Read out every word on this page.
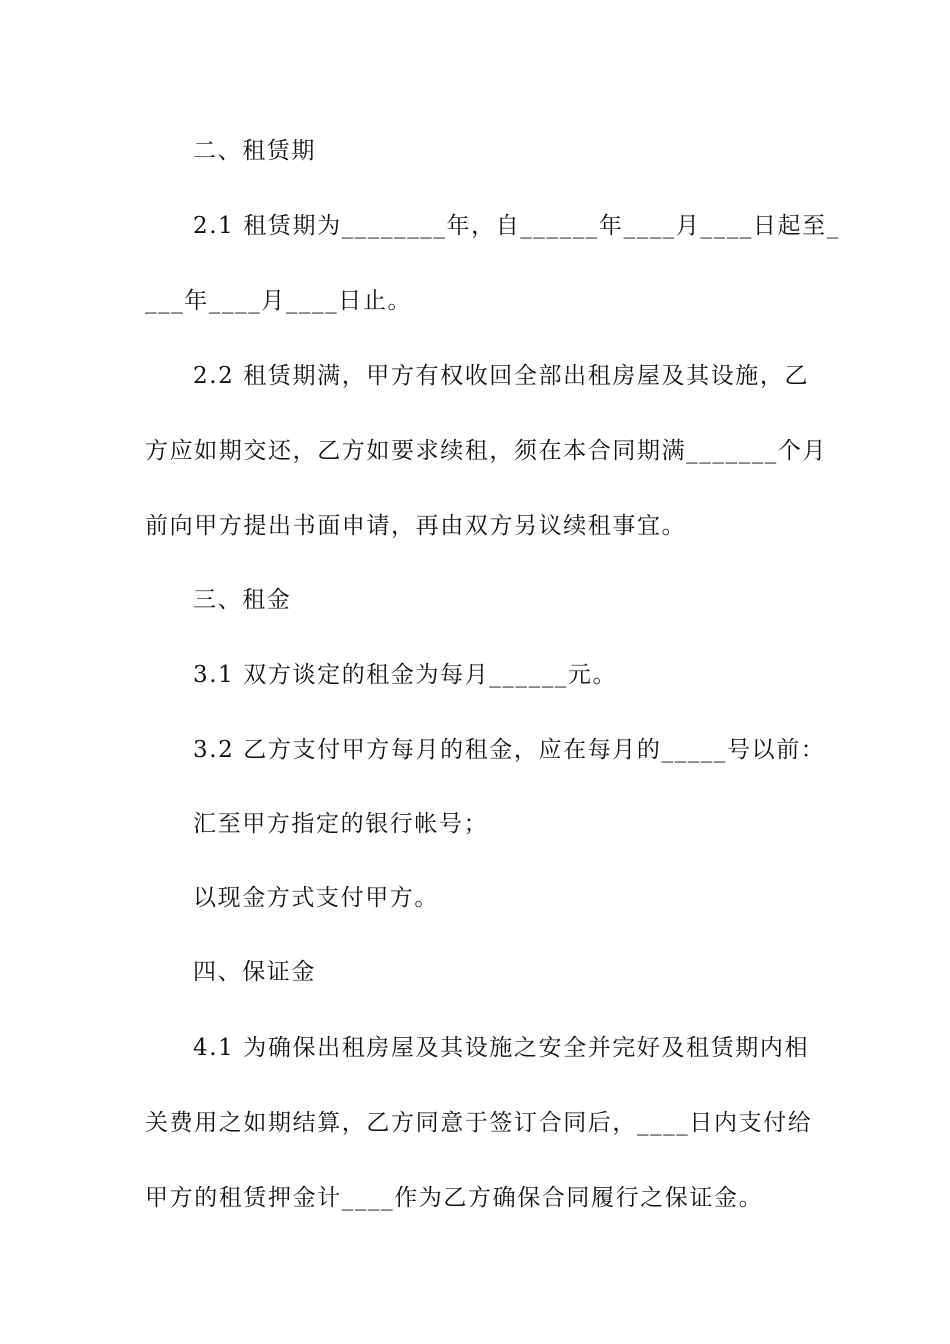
二、租赁期
2.1 租赁期为________年，自______年____月____日起至_
___年____月____日止。
2.2 租赁期满，甲方有权收回全部出租房屋及其设施，乙
方应如期交还，乙方如要求续租，须在本合同期满_______个月
前向甲方提出书面申请，再由双方另议续租事宜。
三、租金
3.1 双方谈定的租金为每月______元。
3.2 乙方支付甲方每月的租金，应在每月的_____号以前：
汇至甲方指定的银行帐号；
以现金方式支付甲方。
四、保证金
4.1 为确保出租房屋及其设施之安全并完好及租赁期内相
关费用之如期结算，乙方同意于签订合同后，____日内支付给
甲方的租赁押金计____作为乙方确保合同履行之保证金。
